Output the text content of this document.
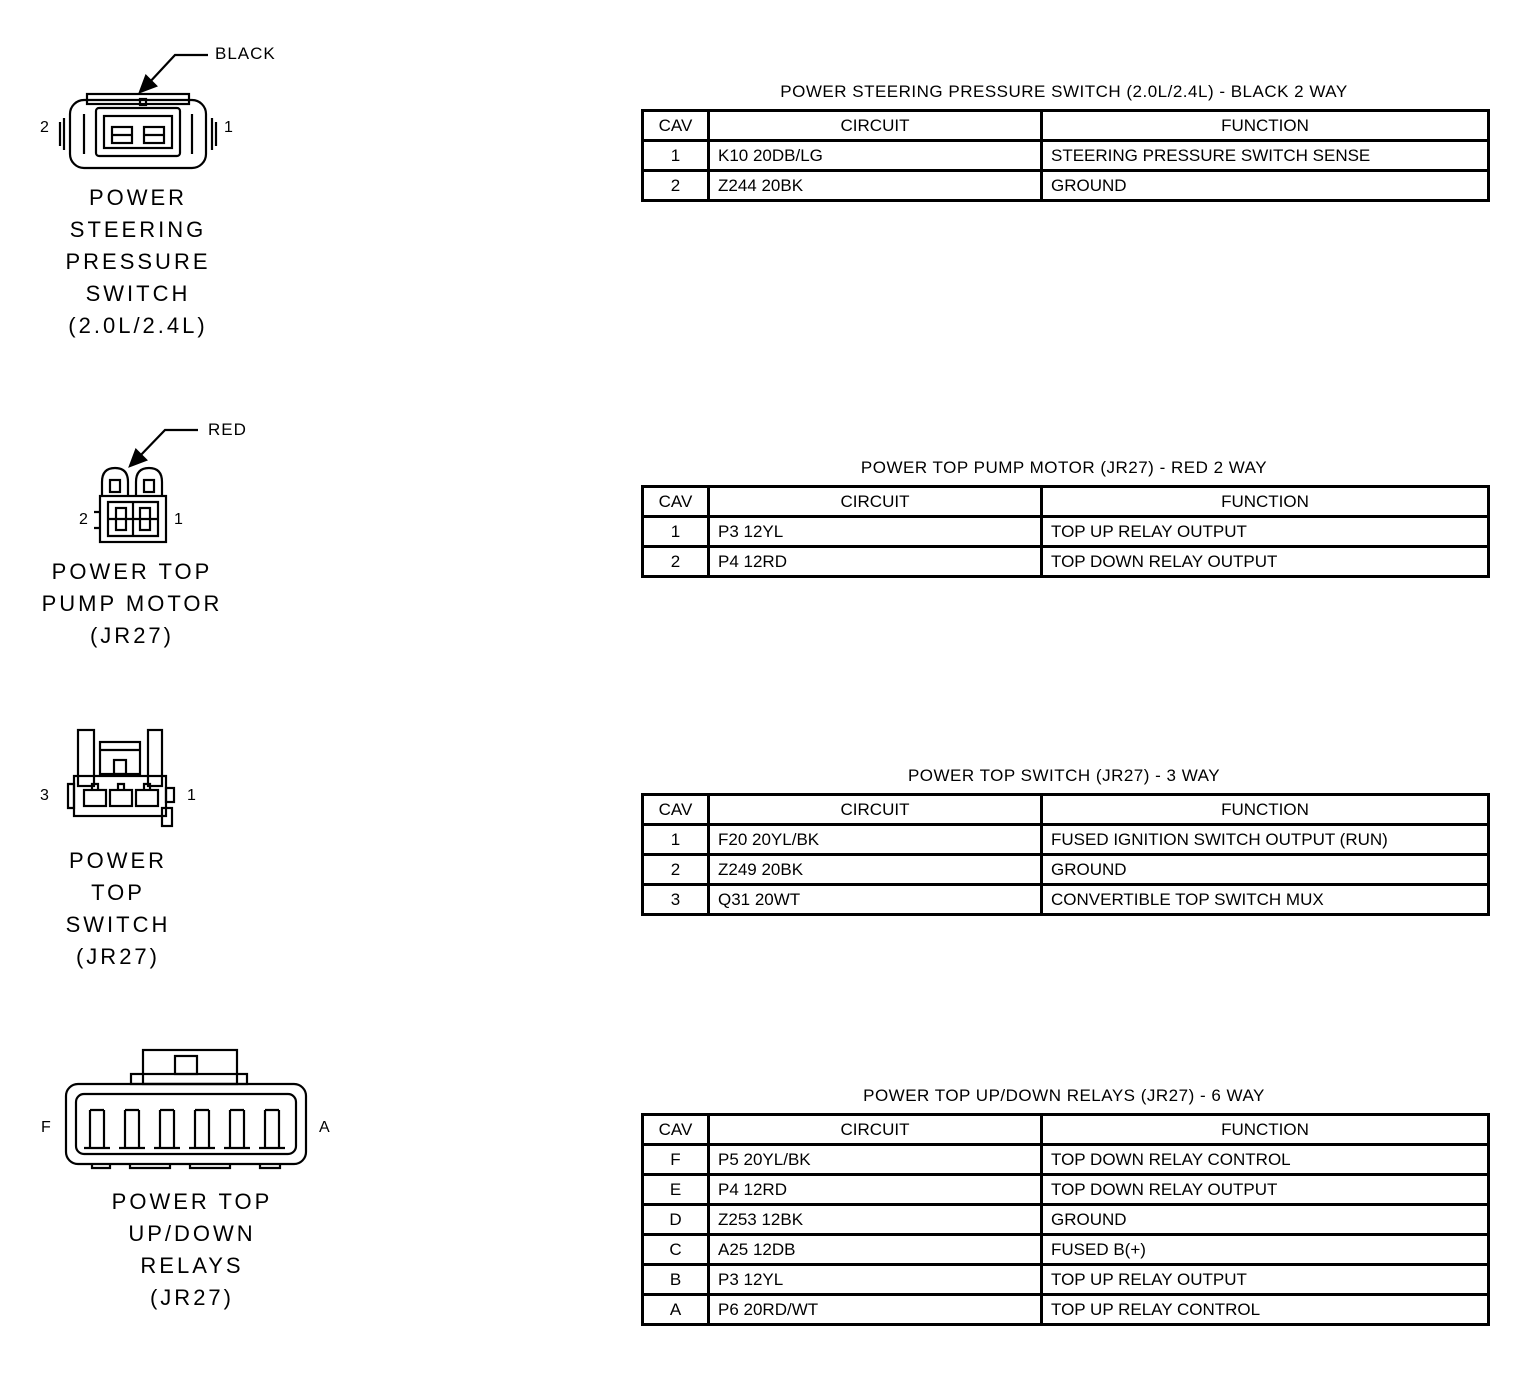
BLACK
2	1
POWER
STEERING
PRESSURE
SWITCH
(2.0L/2.4L)
RED
2	1
POWER TOP
PUMP MOTOR
(JR27)
3	1
POWER
TOP
SWITCH
(JR27)
F	A
POWER TOP
UP/DOWN
RELAYS
(JR27)
POWER STEERING PRESSURE SWITCH (2.0L/2.4L) - BLACK 2 WAY
CAV	CIRCUIT	FUNCTION
1	K10 20DB/LG	STEERING PRESSURE SWITCH SENSE
2	Z244 20BK	GROUND
POWER TOP PUMP MOTOR (JR27) - RED 2 WAY
CAV	CIRCUIT	FUNCTION
1	P3 12YL	TOP UP RELAY OUTPUT
2	P4 12RD	TOP DOWN RELAY OUTPUT
POWER TOP SWITCH (JR27) - 3 WAY
CAV	CIRCUIT	FUNCTION
1	F20 20YL/BK	FUSED IGNITION SWITCH OUTPUT (RUN)
2	Z249 20BK	GROUND
3	Q31 20WT	CONVERTIBLE TOP SWITCH MUX
POWER TOP UP/DOWN RELAYS (JR27) - 6 WAY
CAV	CIRCUIT	FUNCTION
F	P5 20YL/BK	TOP DOWN RELAY CONTROL
E	P4 12RD	TOP DOWN RELAY OUTPUT
D	Z253 12BK	GROUND
C	A25 12DB	FUSED B(+)
B	P3 12YL	TOP UP RELAY OUTPUT
A	P6 20RD/WT	TOP UP RELAY CONTROL
